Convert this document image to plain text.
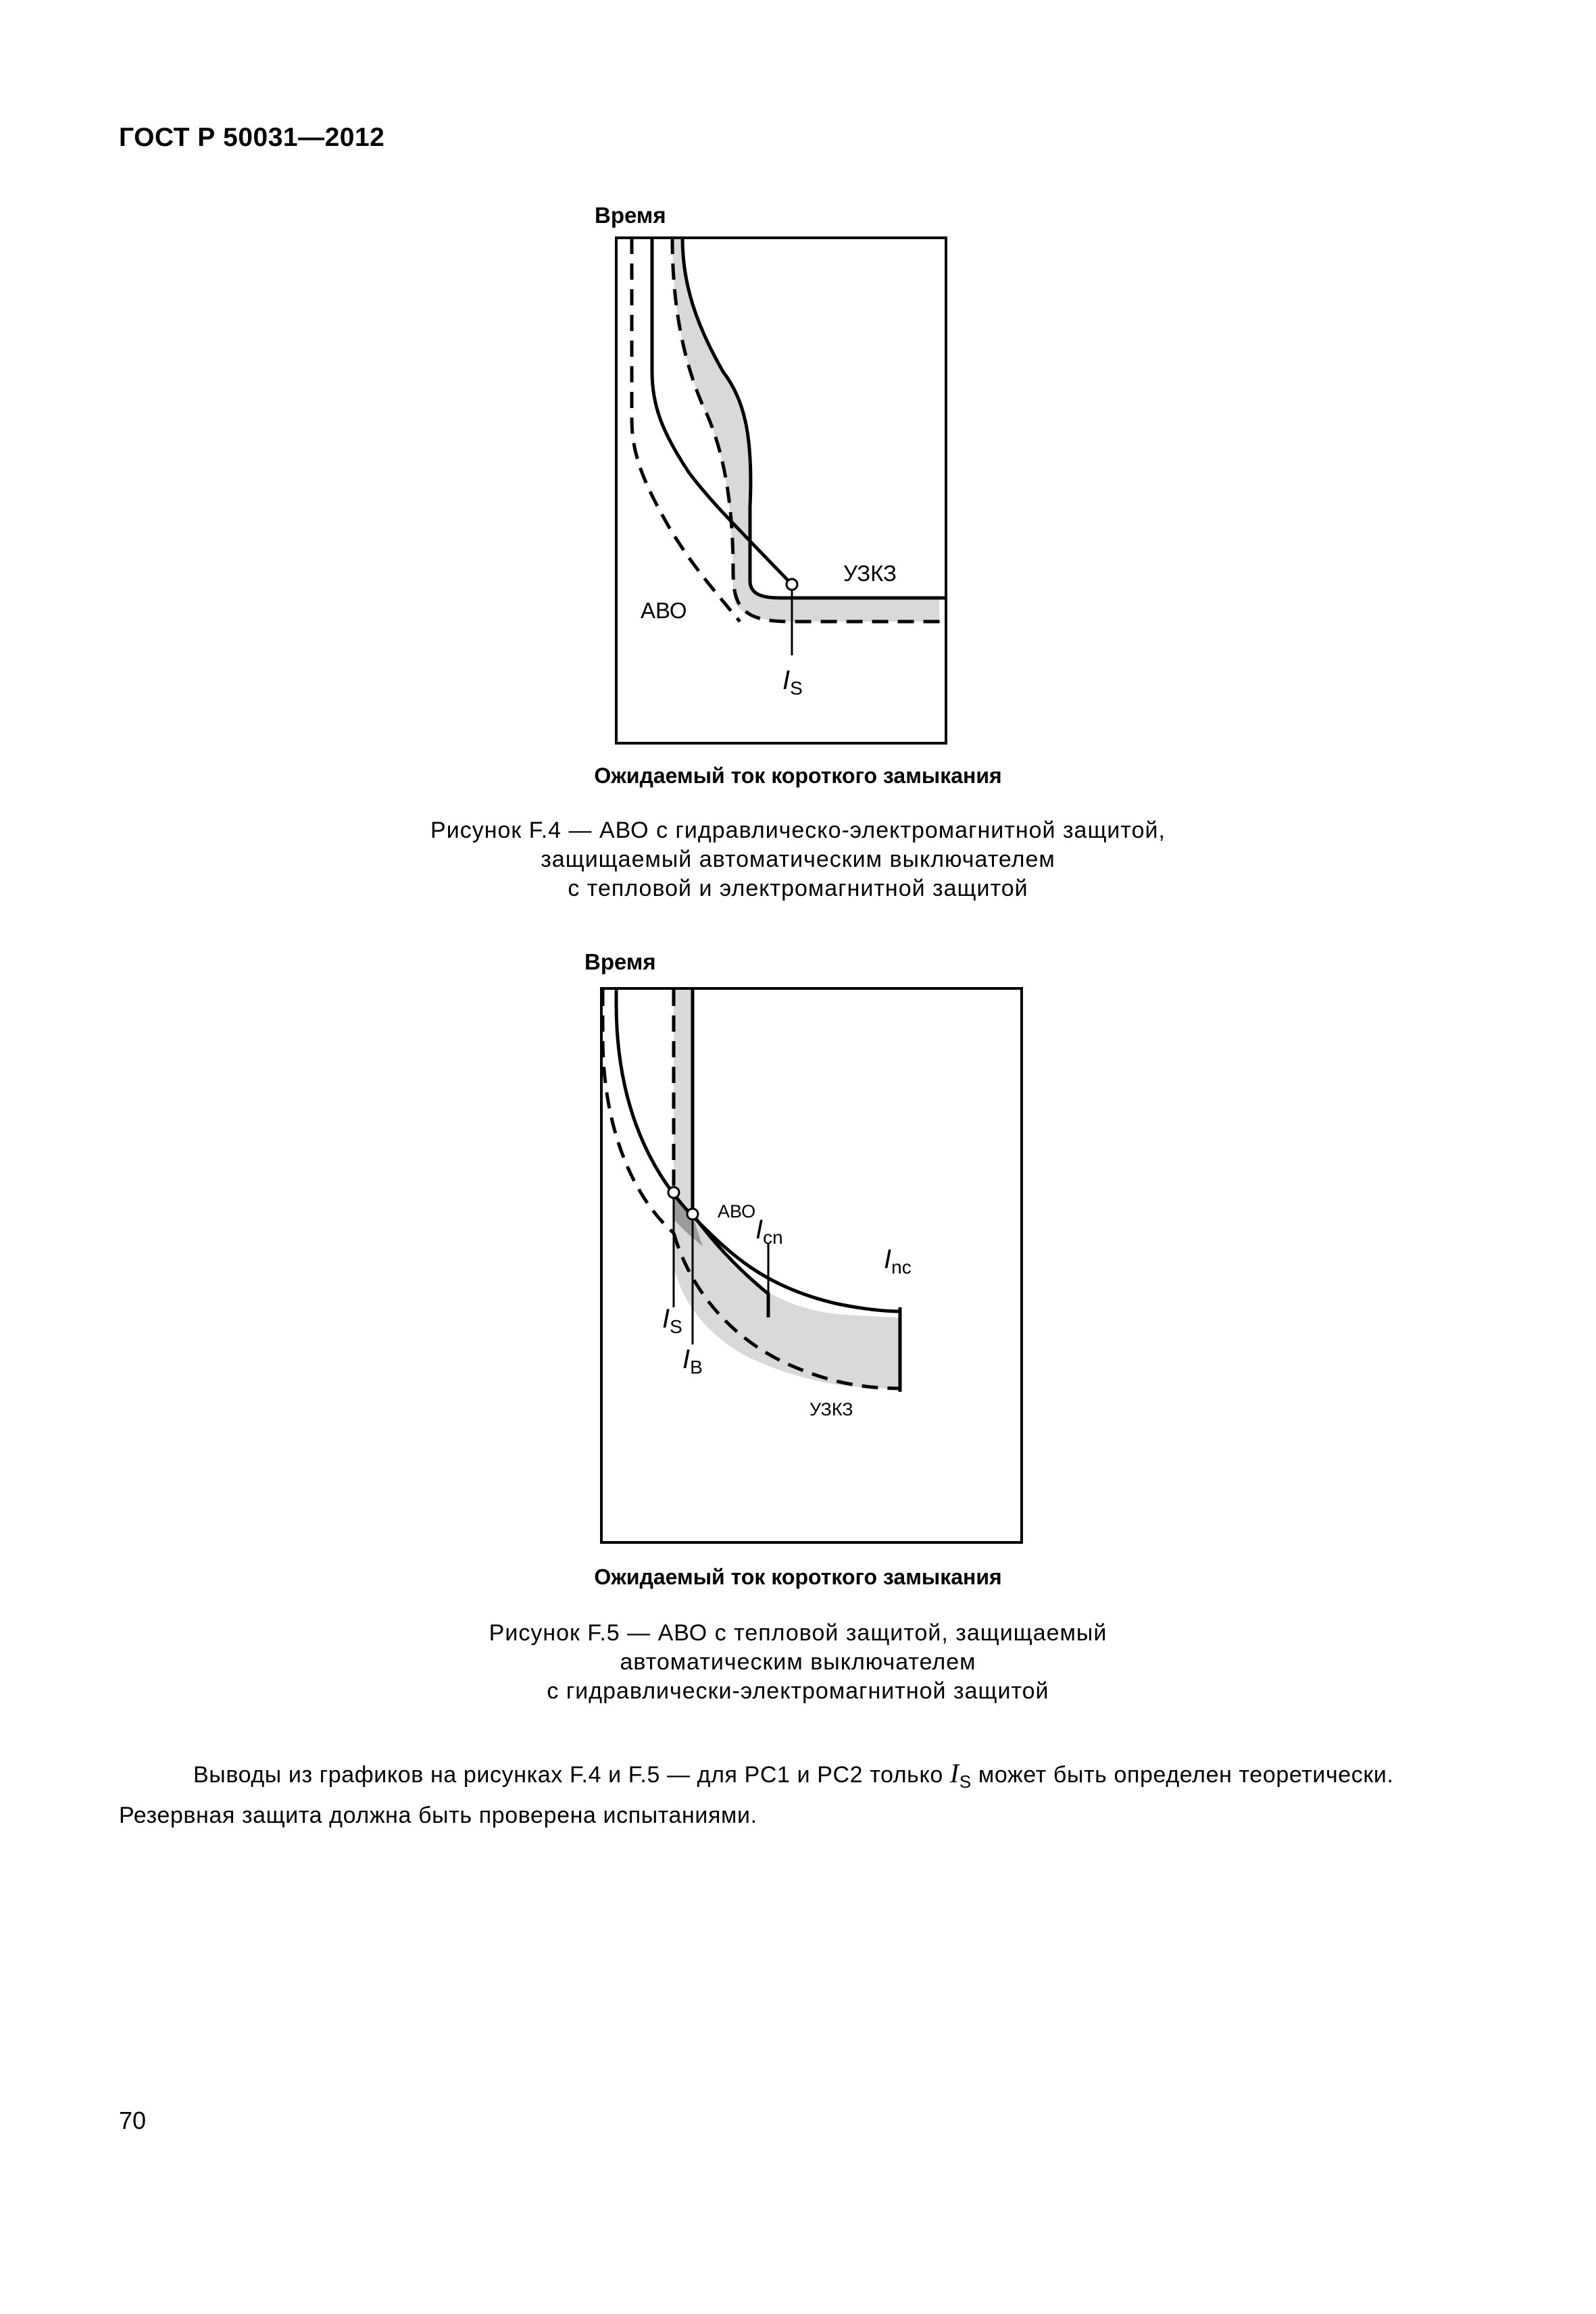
ГОСТ Р 50031—2012
Время
АВО
УЗКЗ
$I_S$
Ожидаемый ток короткого замыкания
Рисунок F.4 — АВО с гидравлическо-электромагнитной защитой,
защищаемый автоматическим выключателем
с тепловой и электромагнитной защитой
Время
АВО
УЗКЗ
$I_{cn}$
$I_{nc}$
$I_S$
$I_B$
Ожидаемый ток короткого замыкания
Рисунок F.5 — АВО с тепловой защитой, защищаемый
автоматическим выключателем
с гидравлически-электромагнитной защитой
Выводы из графиков на рисунках F.4 и F.5 — для PC1 и PC2 только $I_S$ может быть определен теоретически.
Резервная защита должна быть проверена испытаниями.
70
